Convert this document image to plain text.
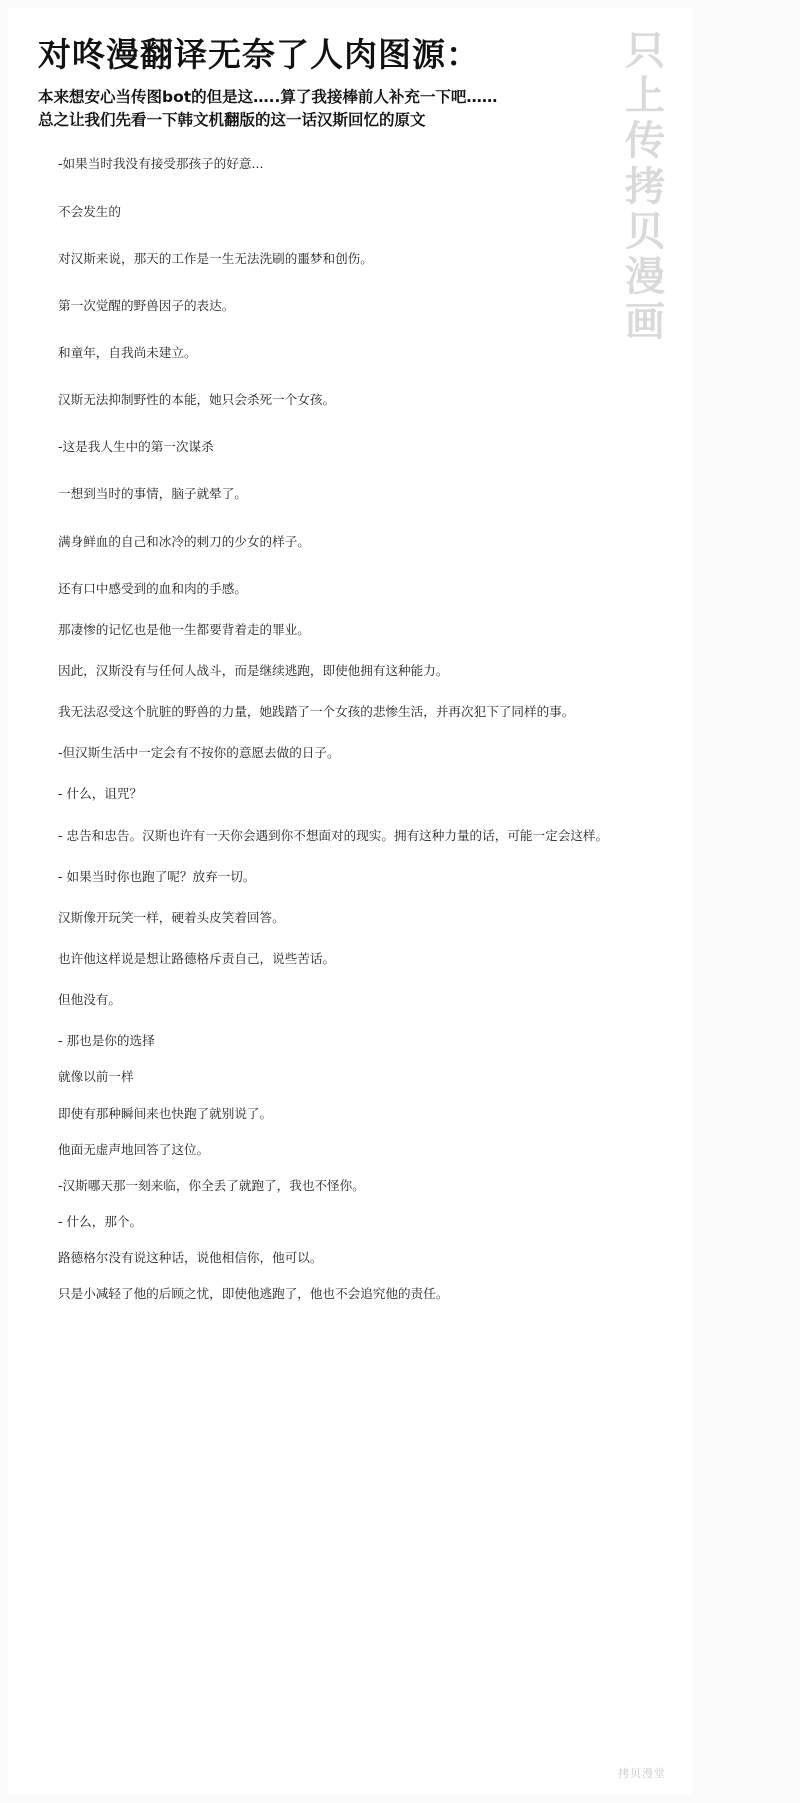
对咚漫翻译无奈了人肉图源：
本来想安心当传图bot的但是这…..算了我接棒前人补充一下吧……
总之让我们先看一下韩文机翻版的这一话汉斯回忆的原文
只
上
传
拷
贝
漫
画

-如果当时我没有接受那孩子的好意...

不会发生的

对汉斯来说，那天的工作是一生无法洗刷的噩梦和创伤。

第一次觉醒的野兽因子的表达。

和童年，自我尚未建立。

汉斯无法抑制野性的本能，她只会杀死一个女孩。

-这是我人生中的第一次谋杀

一想到当时的事情，脑子就晕了。

满身鲜血的自己和冰冷的刺刀的少女的样子。

还有口中感受到的血和肉的手感。

那凄惨的记忆也是他一生都要背着走的罪业。

因此，汉斯没有与任何人战斗，而是继续逃跑，即使他拥有这种能力。

我无法忍受这个肮脏的野兽的力量，她践踏了一个女孩的悲惨生活，并再次犯下了同样的事。

-但汉斯生活中一定会有不按你的意愿去做的日子。

- 什么，诅咒？

- 忠告和忠告。汉斯也许有一天你会遇到你不想面对的现实。拥有这种力量的话，可能一定会这样。

- 如果当时你也跑了呢？放弃一切。

汉斯像开玩笑一样，硬着头皮笑着回答。

也许他这样说是想让路德格斥责自己，说些苦话。

但他没有。

- 那也是你的选择

就像以前一样

即使有那种瞬间来也快跑了就别说了。

他面无虚声地回答了这位。

-汉斯哪天那一刻来临，你全丢了就跑了，我也不怪你。

- 什么，那个。

路德格尔没有说这种话，说他相信你，他可以。

只是小减轻了他的后顾之忧，即使他逃跑了，他也不会追究他的责任。

拷贝漫堂
